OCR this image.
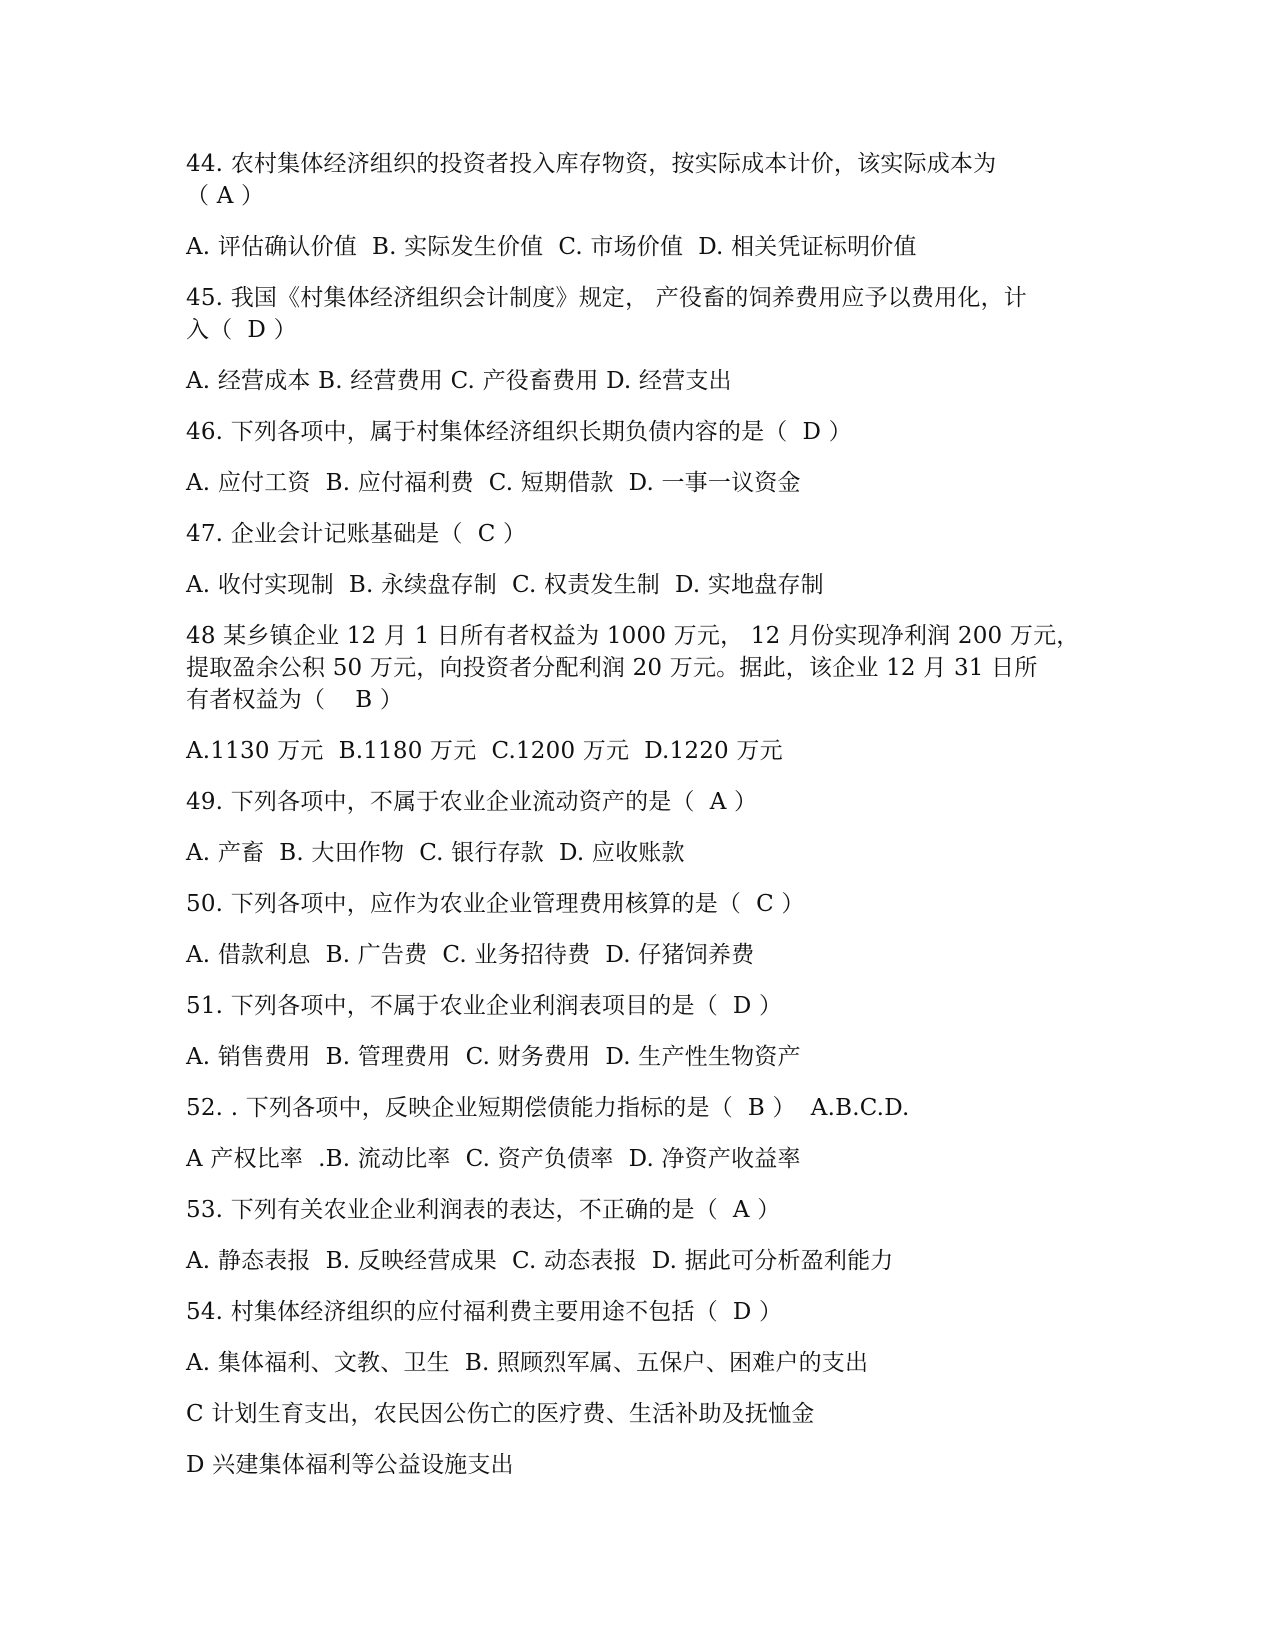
44. 农村集体经济组织的投资者投入库存物资，按实际成本计价，该实际成本为
（ A ）
A. 评估确认价值  B. 实际发生价值  C. 市场价值  D. 相关凭证标明价值
45. 我国《村集体经济组织会计制度》规定， 产役畜的饲养费用应予以费用化，计
入（  D ）
A. 经营成本 B. 经营费用 C. 产役畜费用 D. 经营支出
46. 下列各项中，属于村集体经济组织长期负债内容的是（  D ）
A. 应付工资  B. 应付福利费  C. 短期借款  D. 一事一议资金
47. 企业会计记账基础是（  C ）
A. 收付实现制  B. 永续盘存制  C. 权责发生制  D. 实地盘存制
48 某乡镇企业 12 月 1 日所有者权益为 1000 万元， 12 月份实现净利润 200 万元，
提取盈余公积 50 万元，向投资者分配利润 20 万元。据此，该企业 12 月 31 日所
有者权益为（    B ）
A.1130 万元  B.1180 万元  C.1200 万元  D.1220 万元
49. 下列各项中，不属于农业企业流动资产的是（  A ）
A. 产畜  B. 大田作物  C. 银行存款  D. 应收账款
50. 下列各项中，应作为农业企业管理费用核算的是（  C ）
A. 借款利息  B. 广告费  C. 业务招待费  D. 仔猪饲养费
51. 下列各项中，不属于农业企业利润表项目的是（  D ）
A. 销售费用  B. 管理费用  C. 财务费用  D. 生产性生物资产
52. . 下列各项中，反映企业短期偿债能力指标的是（  B ）  A.B.C.D.
A 产权比率  .B. 流动比率  C. 资产负债率  D. 净资产收益率
53. 下列有关农业企业利润表的表达，不正确的是（  A ）
A. 静态表报  B. 反映经营成果  C. 动态表报  D. 据此可分析盈利能力
54. 村集体经济组织的应付福利费主要用途不包括（  D ）
A. 集体福利、文教、卫生  B. 照顾烈军属、五保户、困难户的支出
C 计划生育支出，农民因公伤亡的医疗费、生活补助及抚恤金
D 兴建集体福利等公益设施支出
